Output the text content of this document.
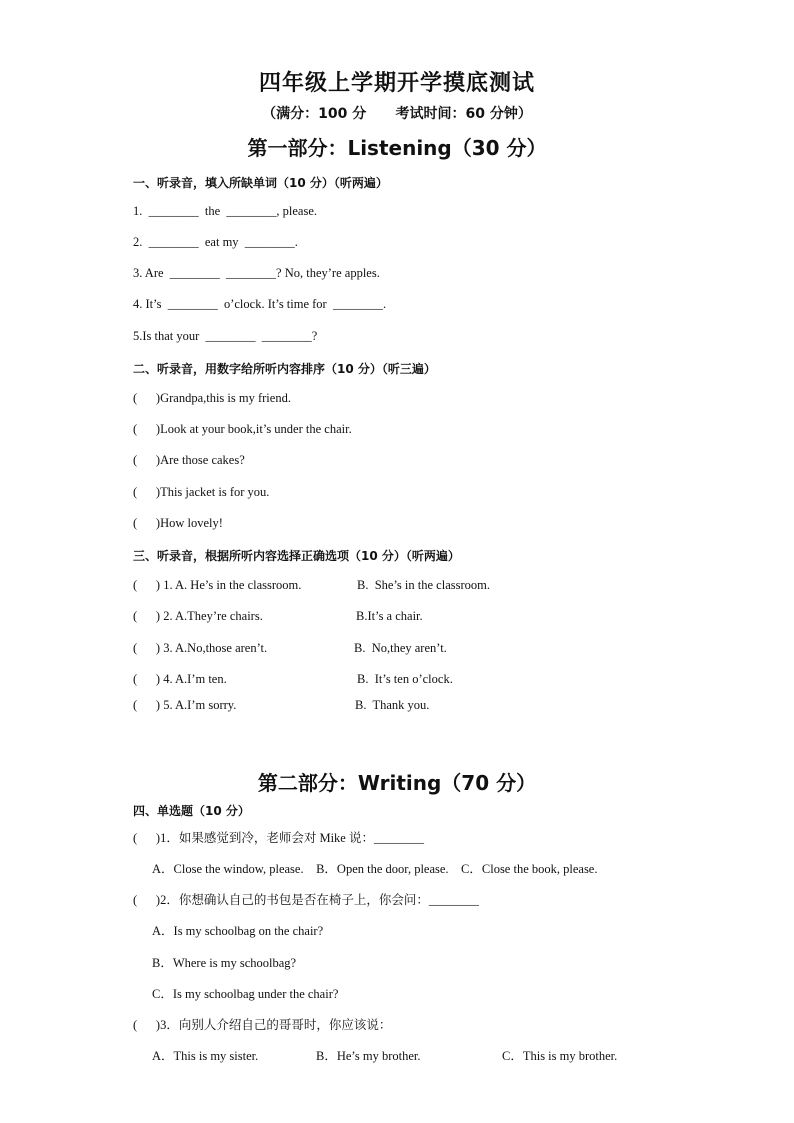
四年级上学期开学摸底测试
（满分：100 分      考试时间：60 分钟）
第一部分：Listening（30 分）
一、听录音，填入所缺单词（10 分）（听两遍）
1.  ________  the  ________, please.
2.  ________  eat my  ________.
3. Are  ________  ________? No, they’re apples.
4. It’s  ________  o’clock. It’s time for  ________.
5.Is that your  ________  ________?
二、听录音，用数字给所听内容排序（10 分）（听三遍）
(      )Grandpa,this is my friend.
(      )Look at your book,it’s under the chair.
(      )Are those cakes?
(      )This jacket is for you.
(      )How lovely!
三、听录音，根据所听内容选择正确选项（10 分）（听两遍）
(      ) 1. A. He’s in the classroom.	B.  She’s in the classroom.
(      ) 2. A.They’re chairs.	B.It’s a chair.
(      ) 3. A.No,those aren’t.	B.  No,they aren’t.
(      ) 4. A.I’m ten.	B.  It’s ten o’clock.
(      ) 5. A.I’m sorry.	B.  Thank you.
第二部分：Writing（70 分）
四、单选题（10 分）
(      )1．如果感觉到冷，老师会对 Mike 说：________
A．Close the window, please.    B．Open the door, please.    C．Close the book, please.
(      )2．你想确认自己的书包是否在椅子上，你会问：________
A．Is my schoolbag on the chair?
B．Where is my schoolbag?
C．Is my schoolbag under the chair?
(      )3．向别人介绍自己的哥哥时，你应该说：
A．This is my sister.	B．He’s my brother.	C．This is my brother.
